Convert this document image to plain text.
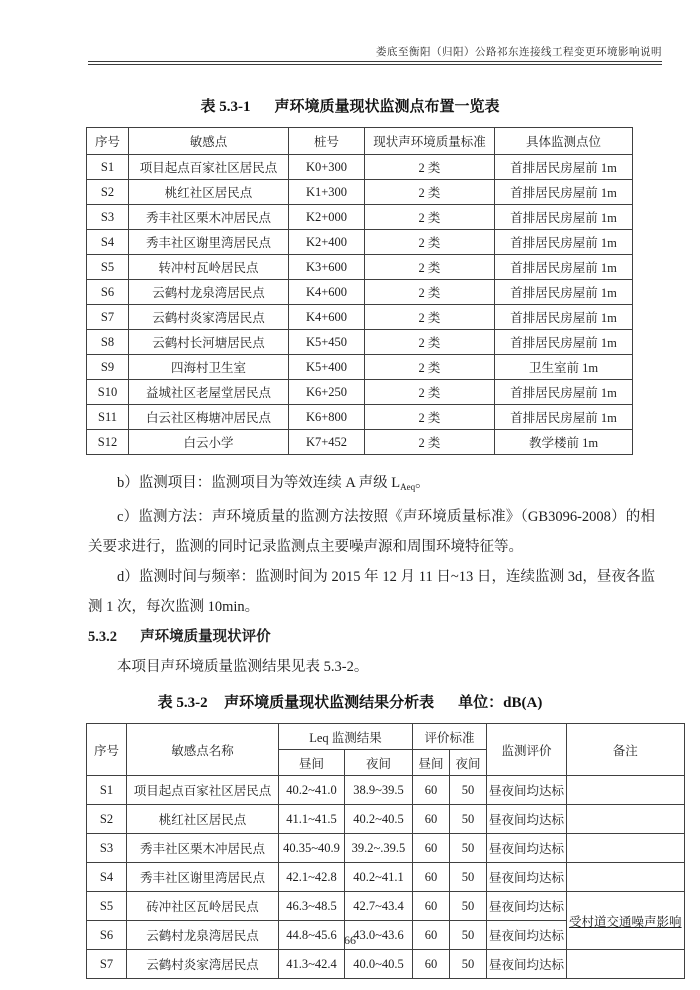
娄底至衡阳（归阳）公路祁东连接线工程变更环境影响说明
表 5.3-1 声环境质量现状监测点布置一览表
序号	敏感点	桩号	现状声环境质量标准	具体监测点位
S1	项目起点百家社区居民点	K0+300	2 类	首排居民房屋前 1m
S2	桃红社区居民点	K1+300	2 类	首排居民房屋前 1m
S3	秀丰社区栗木冲居民点	K2+000	2 类	首排居民房屋前 1m
S4	秀丰社区谢里湾居民点	K2+400	2 类	首排居民房屋前 1m
S5	转冲村瓦岭居民点	K3+600	2 类	首排居民房屋前 1m
S6	云鹤村龙泉湾居民点	K4+600	2 类	首排居民房屋前 1m
S7	云鹤村炎家湾居民点	K4+600	2 类	首排居民房屋前 1m
S8	云鹤村长河塘居民点	K5+450	2 类	首排居民房屋前 1m
S9	四海村卫生室	K5+400	2 类	卫生室前 1m
S10	益城社区老屋堂居民点	K6+250	2 类	首排居民房屋前 1m
S11	白云社区梅塘冲居民点	K6+800	2 类	首排居民房屋前 1m
S12	白云小学	K7+452	2 类	教学楼前 1m
b）监测项目：监测项目为等效连续 A 声级 $L_{Aeq}$。
c）监测方法：声环境质量的监测方法按照《声环境质量标准》（GB3096-2008）的相关要求进行，监测的同时记录监测点主要噪声源和周围环境特征等。
d）监测时间与频率：监测时间为 2015 年 12 月 11 日~13 日，连续监测 3d，昼夜各监测 1 次，每次监测 10min。
5.3.2 声环境质量现状评价
本项目声环境质量监测结果见表 5.3-2。
表 5.3-2 声环境质量现状监测结果分析表 单位：dB(A)
序号	敏感点名称	Leq 监测结果		评价标准		监测评价	备注
		昼间	夜间	昼间	夜间		
S1	项目起点百家社区居民点	40.2~41.0	38.9~39.5	60	50	昼夜间均达标	
S2	桃红社区居民点	41.1~41.5	40.2~40.5	60	50	昼夜间均达标	
S3	秀丰社区栗木冲居民点	40.35~40.9	39.2~.39.5	60	50	昼夜间均达标	
S4	秀丰社区谢里湾居民点	42.1~42.8	40.2~41.1	60	50	昼夜间均达标	
S5	砖冲社区瓦岭居民点	46.3~48.5	42.7~43.4	60	50	昼夜间均达标	受村道交通噪声影响
S6	云鹤村龙泉湾居民点	44.8~45.6	43.0~43.6	60	50	昼夜间均达标	
S7	云鹤村炎家湾居民点	41.3~42.4	40.0~40.5	60	50	昼夜间均达标	
66
